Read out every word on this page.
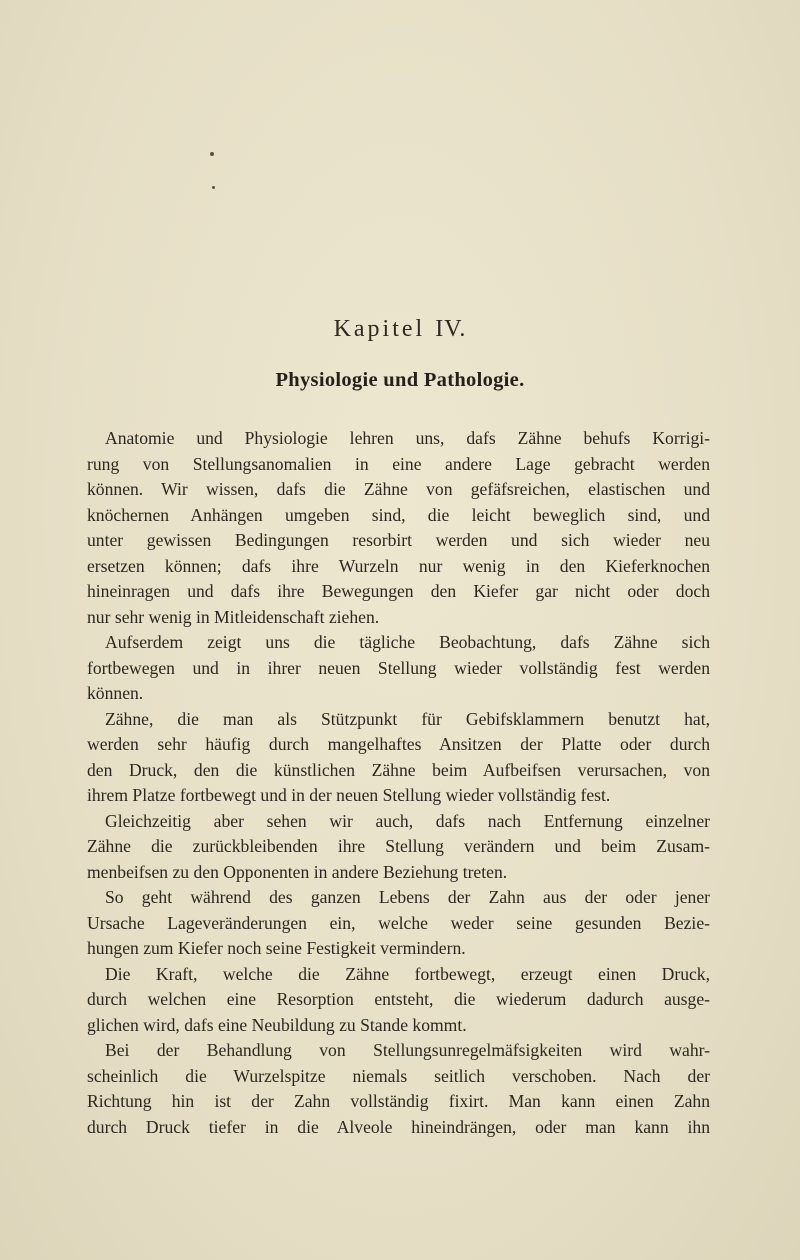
Kapitel IV.
Physiologie und Pathologie.
Anatomie und Physiologie lehren uns, dafs Zähne behufs Korrigi-
rung von Stellungsanomalien in eine andere Lage gebracht werden
können. Wir wissen, dafs die Zähne von gefäfsreichen, elastischen und
knöchernen Anhängen umgeben sind, die leicht beweglich sind, und
unter gewissen Bedingungen resorbirt werden und sich wieder neu
ersetzen können; dafs ihre Wurzeln nur wenig in den Kieferknochen
hineinragen und dafs ihre Bewegungen den Kiefer gar nicht oder doch
nur sehr wenig in Mitleidenschaft ziehen.
Aufserdem zeigt uns die tägliche Beobachtung, dafs Zähne sich
fortbewegen und in ihrer neuen Stellung wieder vollständig fest werden
können.
Zähne, die man als Stützpunkt für Gebifsklammern benutzt hat,
werden sehr häufig durch mangelhaftes Ansitzen der Platte oder durch
den Druck, den die künstlichen Zähne beim Aufbeifsen verursachen, von
ihrem Platze fortbewegt und in der neuen Stellung wieder vollständig fest.
Gleichzeitig aber sehen wir auch, dafs nach Entfernung einzelner
Zähne die zurückbleibenden ihre Stellung verändern und beim Zusam-
menbeifsen zu den Opponenten in andere Beziehung treten.
So geht während des ganzen Lebens der Zahn aus der oder jener
Ursache Lageveränderungen ein, welche weder seine gesunden Bezie-
hungen zum Kiefer noch seine Festigkeit vermindern.
Die Kraft, welche die Zähne fortbewegt, erzeugt einen Druck,
durch welchen eine Resorption entsteht, die wiederum dadurch ausge-
glichen wird, dafs eine Neubildung zu Stande kommt.
Bei der Behandlung von Stellungsunregelmäfsigkeiten wird wahr-
scheinlich die Wurzelspitze niemals seitlich verschoben. Nach der
Richtung hin ist der Zahn vollständig fixirt. Man kann einen Zahn
durch Druck tiefer in die Alveole hineindrängen, oder man kann ihn
